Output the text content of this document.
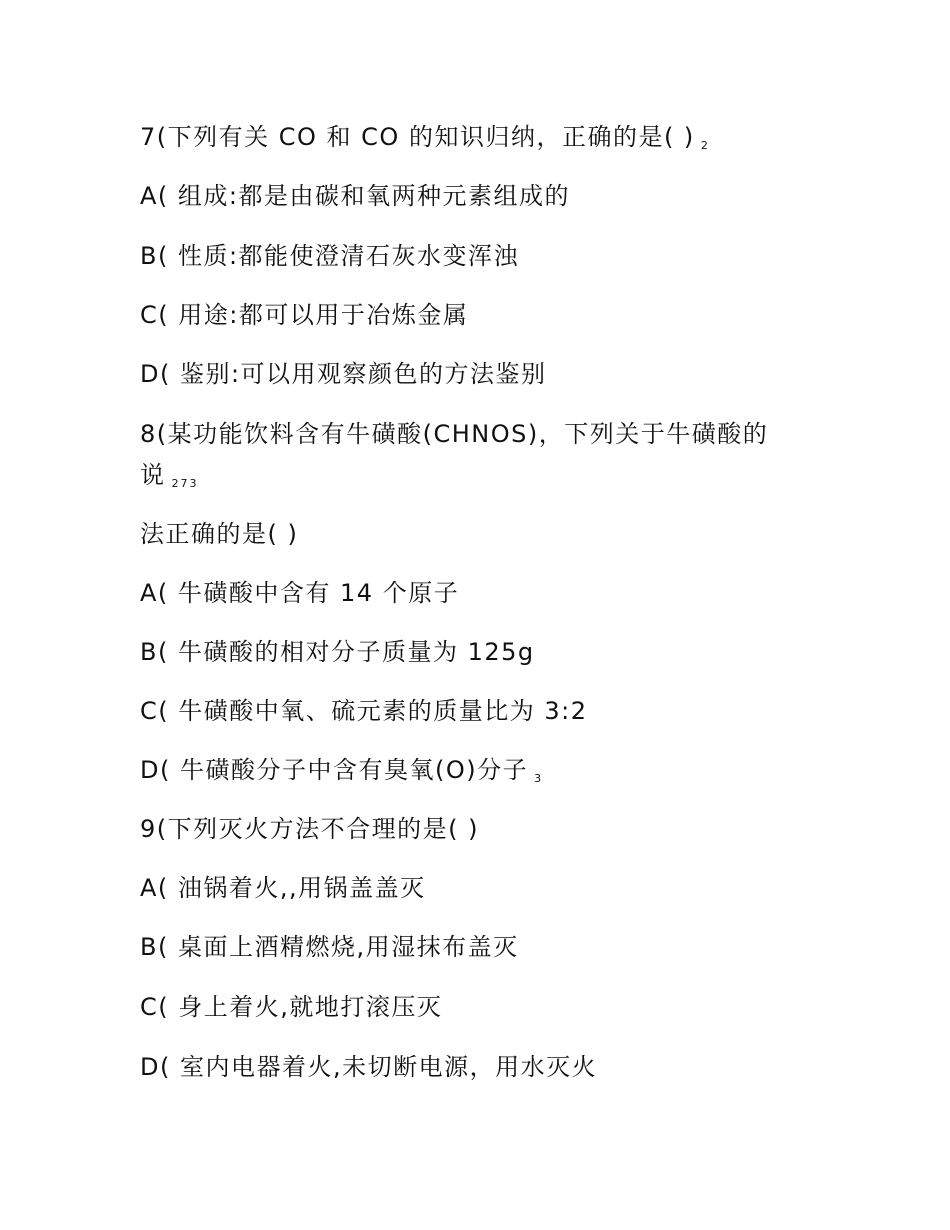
7(下列有关 CO 和 CO 的知识归纳，正确的是( ) $_2$
A( 组成:都是由碳和氧两种元素组成的
B( 性质:都能使澄清石灰水变浑浊
C( 用途:都可以用于冶炼金属
D( 鉴别:可以用观察颜色的方法鉴别
8(某功能饮料含有牛磺酸(CHNOS)，下列关于牛磺酸的
说 $_{273}$
法正确的是( )
A( 牛磺酸中含有 14 个原子
B( 牛磺酸的相对分子质量为 125g
C( 牛磺酸中氧、硫元素的质量比为 3:2
D( 牛磺酸分子中含有臭氧(O)分子 $_3$
9(下列灭火方法不合理的是( )
A( 油锅着火,,用锅盖盖灭
B( 桌面上酒精燃烧,用湿抹布盖灭
C( 身上着火,就地打滚压灭
D( 室内电器着火,未切断电源，用水灭火
